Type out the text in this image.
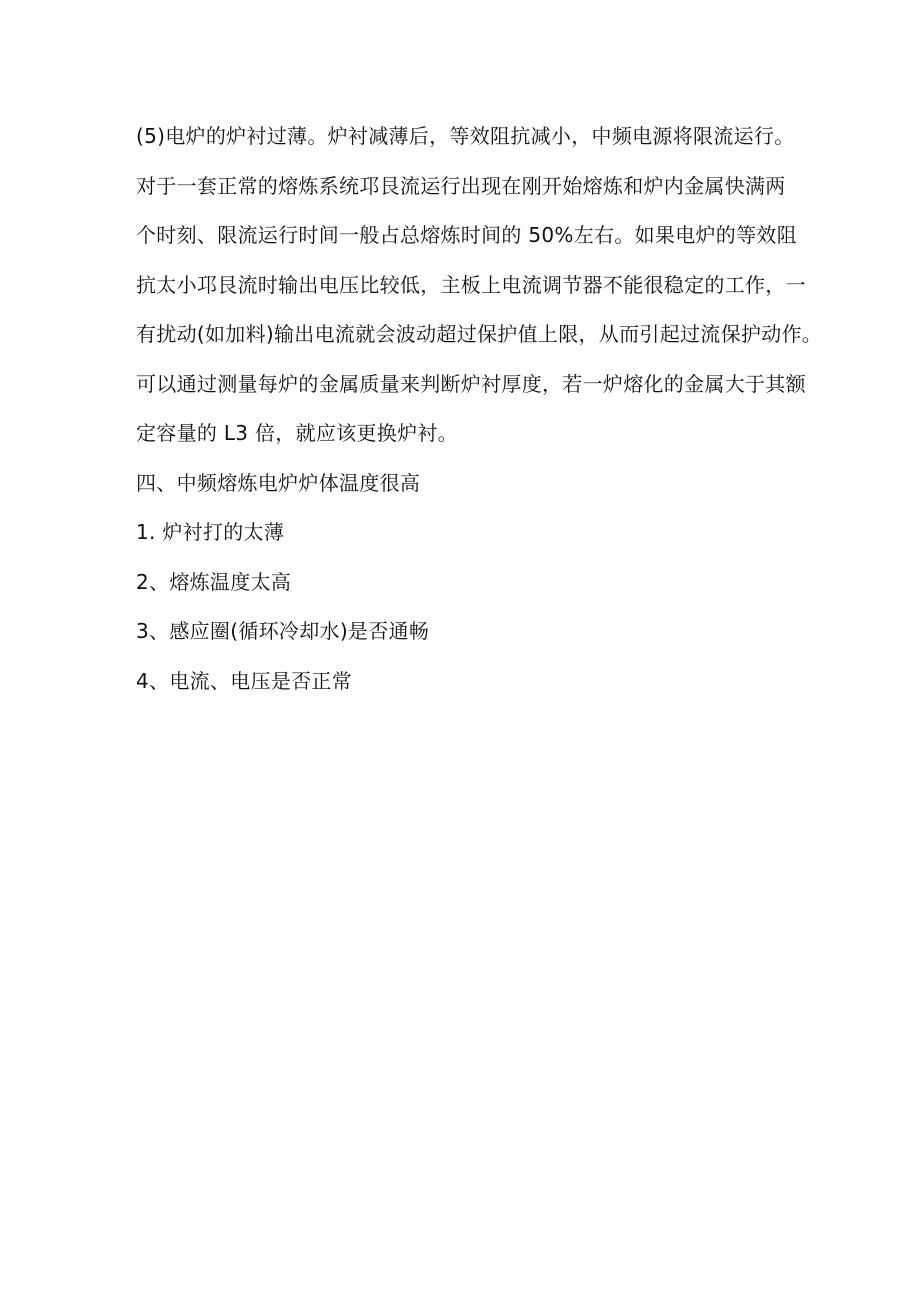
(5)电炉的炉衬过薄。炉衬减薄后，等效阻抗减小，中频电源将限流运行。
对于一套正常的熔炼系统邛艮流运行出现在刚开始熔炼和炉内金属快满两
个时刻、限流运行时间一般占总熔炼时间的 50%左右。如果电炉的等效阻
抗太小邛艮流时输出电压比较低，主板上电流调节器不能很稳定的工作，一
有扰动(如加料)输出电流就会波动超过保护值上限，从而引起过流保护动作。
可以通过测量每炉的金属质量来判断炉衬厚度，若一炉熔化的金属大于其额
定容量的 L3 倍，就应该更换炉衬。
四、中频熔炼电炉炉体温度很高
1. 炉衬打的太薄
2、熔炼温度太高
3、感应圈(循环冷却水)是否通畅
4、电流、电压是否正常
